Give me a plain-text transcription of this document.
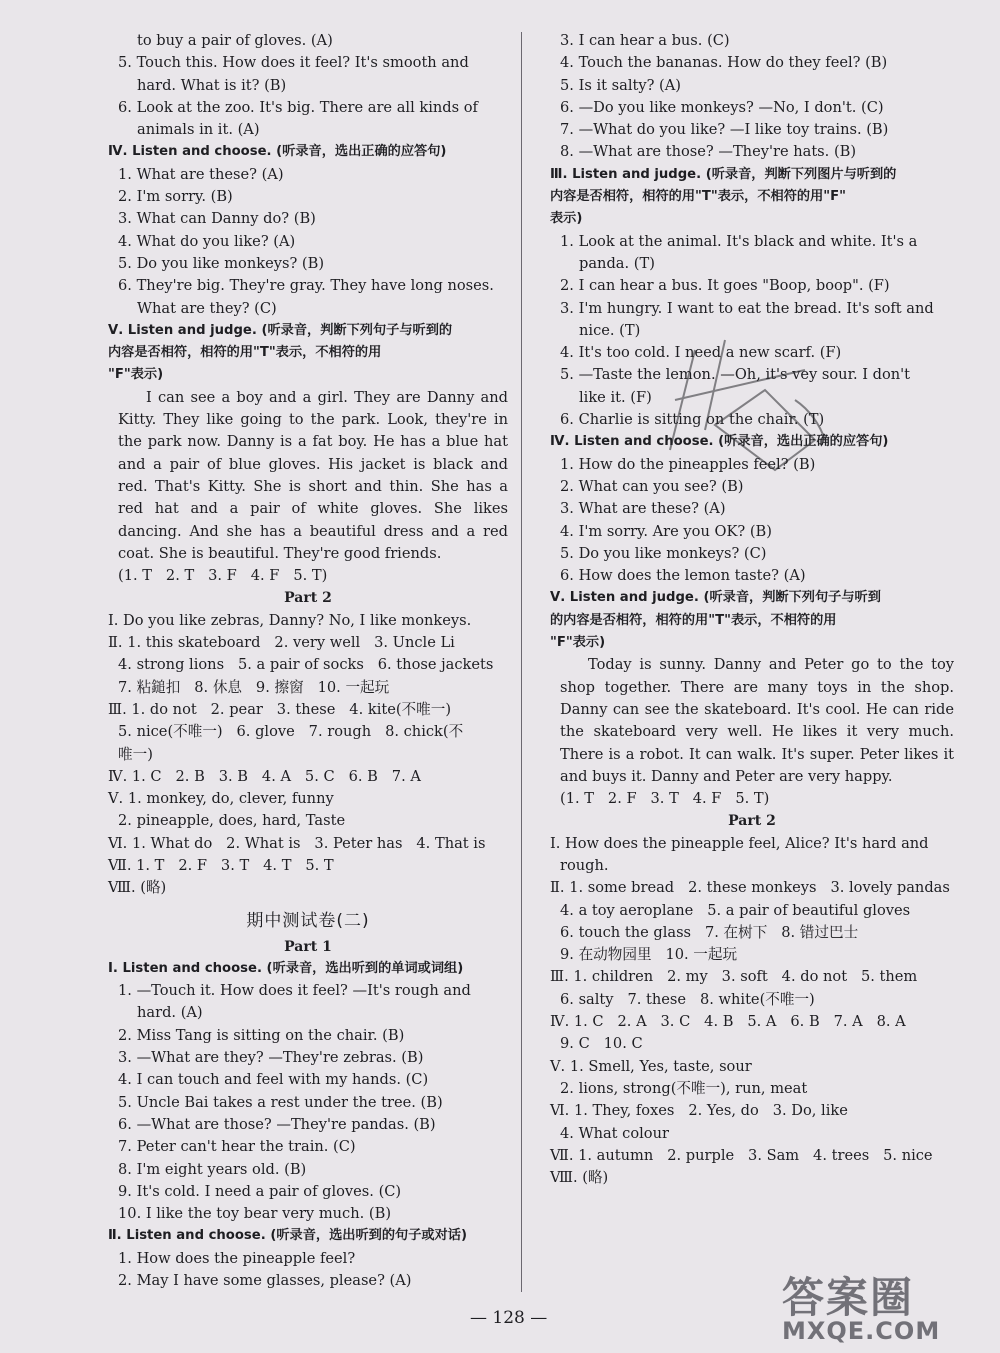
to buy a pair of gloves. (A)
5. Touch this. How does it feel? It's smooth and
hard. What is it? (B)
6. Look at the zoo. It's big. There are all kinds of
animals in it. (A)
Ⅳ. Listen and choose. (听录音，选出正确的应答句)
1. What are these? (A)
2. I'm sorry. (B)
3. What can Danny do? (B)
4. What do you like? (A)
5. Do you like monkeys? (B)
6. They're big. They're gray. They have long noses.
What are they? (C)
Ⅴ. Listen and judge. (听录音，判断下列句子与听到的
内容是否相符，相符的用"T"表示，不相符的用
"F"表示)
I can see a boy and a girl. They are Danny and Kitty. They like going to the park. Look, they're in the park now. Danny is a fat boy. He has a blue hat and a pair of blue gloves. His jacket is black and red. That's Kitty. She is short and thin. She has a red hat and a pair of white gloves. She likes dancing. And she has a beautiful dress and a red coat. She is beautiful. They're good friends.
(1. T   2. T   3. F   4. F   5. T)
Part 2
Ⅰ. Do you like zebras, Danny? No, I like monkeys.
Ⅱ. 1. this skateboard   2. very well   3. Uncle Li
4. strong lions   5. a pair of socks   6. those jackets
7. 粘鎚扣   8. 休息   9. 擦窗   10. 一起玩
Ⅲ. 1. do not   2. pear   3. these   4. kite(不唯一)
5. nice(不唯一)   6. glove   7. rough   8. chick(不
唯一)
Ⅳ. 1. C   2. B   3. B   4. A   5. C   6. B   7. A
Ⅴ. 1. monkey, do, clever, funny
2. pineapple, does, hard, Taste
Ⅵ. 1. What do   2. What is   3. Peter has   4. That is
Ⅶ. 1. T   2. F   3. T   4. T   5. T
Ⅷ. (略)
期中测试卷(二)
Part 1
Ⅰ. Listen and choose. (听录音，选出听到的单词或词组)
1. —Touch it. How does it feel? —It's rough and
hard. (A)
2. Miss Tang is sitting on the chair. (B)
3. —What are they? —They're zebras. (B)
4. I can touch and feel with my hands. (C)
5. Uncle Bai takes a rest under the tree. (B)
6. —What are those? —They're pandas. (B)
7. Peter can't hear the train. (C)
8. I'm eight years old. (B)
9. It's cold. I need a pair of gloves. (C)
10. I like the toy bear very much. (B)
Ⅱ. Listen and choose. (听录音，选出听到的句子或对话)
1. How does the pineapple feel?
2. May I have some glasses, please? (A)
3. I can hear a bus. (C)
4. Touch the bananas. How do they feel? (B)
5. Is it salty? (A)
6. —Do you like monkeys? —No, I don't. (C)
7. —What do you like? —I like toy trains. (B)
8. —What are those? —They're hats. (B)
Ⅲ. Listen and judge. (听录音，判断下列图片与听到的
内容是否相符，相符的用"T"表示，不相符的用"F"
表示)
1. Look at the animal. It's black and white. It's a
panda. (T)
2. I can hear a bus. It goes "Boop, boop". (F)
3. I'm hungry. I want to eat the bread. It's soft and
nice. (T)
4. It's too cold. I need a new scarf. (F)
5. —Taste the lemon. —Oh, it's vey sour. I don't
like it. (F)
6. Charlie is sitting on the chair. (T)
Ⅳ. Listen and choose. (听录音，选出正确的应答句)
1. How do the pineapples feel? (B)
2. What can you see? (B)
3. What are these? (A)
4. I'm sorry. Are you OK? (B)
5. Do you like monkeys? (C)
6. How does the lemon taste? (A)
Ⅴ. Listen and judge. (听录音，判断下列句子与听到
的内容是否相符，相符的用"T"表示，不相符的用
"F"表示)
Today is sunny. Danny and Peter go to the toy shop together. There are many toys in the shop. Danny can see the skateboard. It's cool. He can ride the skateboard very well. He likes it very much. There is a robot. It can walk. It's super. Peter likes it and buys it. Danny and Peter are very happy.
(1. T   2. F   3. T   4. F   5. T)
Part 2
Ⅰ. How does the pineapple feel, Alice? It's hard and
rough.
Ⅱ. 1. some bread   2. these monkeys   3. lovely pandas
4. a toy aeroplane   5. a pair of beautiful gloves
6. touch the glass   7. 在树下   8. 错过巴士
9. 在动物园里   10. 一起玩
Ⅲ. 1. children   2. my   3. soft   4. do not   5. them
6. salty   7. these   8. white(不唯一)
Ⅳ. 1. C   2. A   3. C   4. B   5. A   6. B   7. A   8. A
9. C   10. C
Ⅴ. 1. Smell, Yes, taste, sour
2. lions, strong(不唯一), run, meat
Ⅵ. 1. They, foxes   2. Yes, do   3. Do, like
4. What colour
Ⅶ. 1. autumn   2. purple   3. Sam   4. trees   5. nice
Ⅷ. (略)
— 128 —	答案圈
MXQE.COM
